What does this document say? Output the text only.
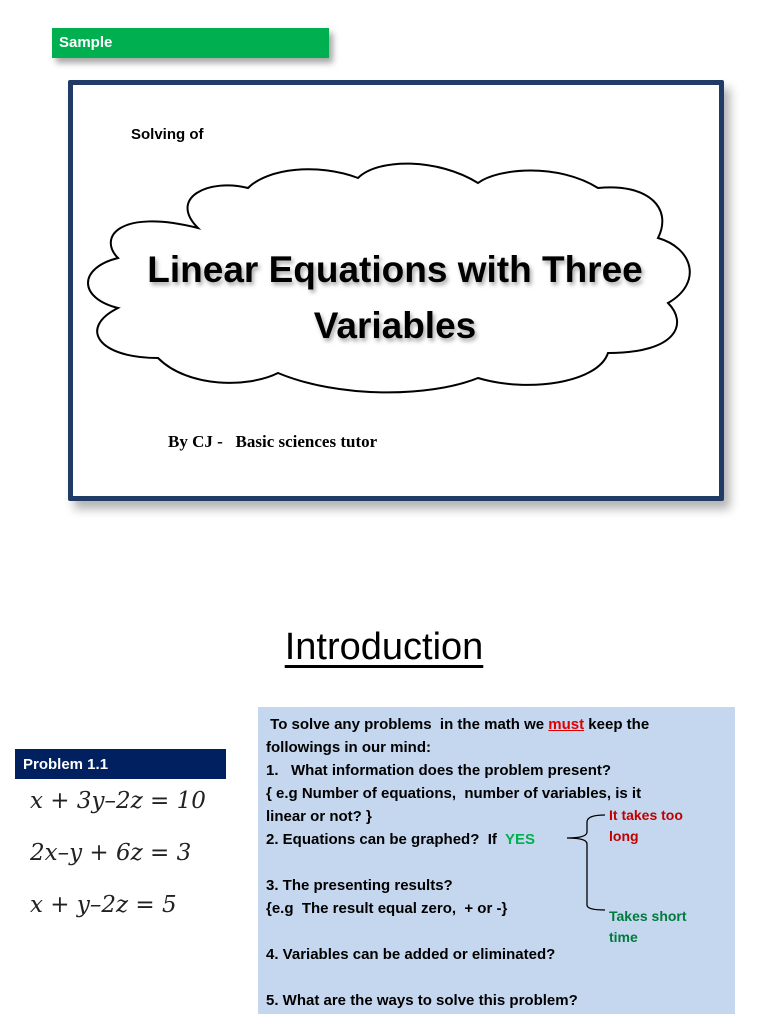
Sample
Solving of
Linear Equations with Three
Variables
By CJ -   Basic sciences tutor
Introduction
Problem 1.1
x + 3y–2z = 10
2x–y + 6z = 3
x + y–2z = 5
To solve any problems  in the math we must keep the
followings in our mind:
1.   What information does the problem present?
{ e.g Number of equations,  number of variables, is it
linear or not? }
2. Equations can be graphed?  If  YES
3. The presenting results?
{e.g  The result equal zero,  + or -}
4. Variables can be added or eliminated?
5. What are the ways to solve this problem?
It takes too long
Takes short time
